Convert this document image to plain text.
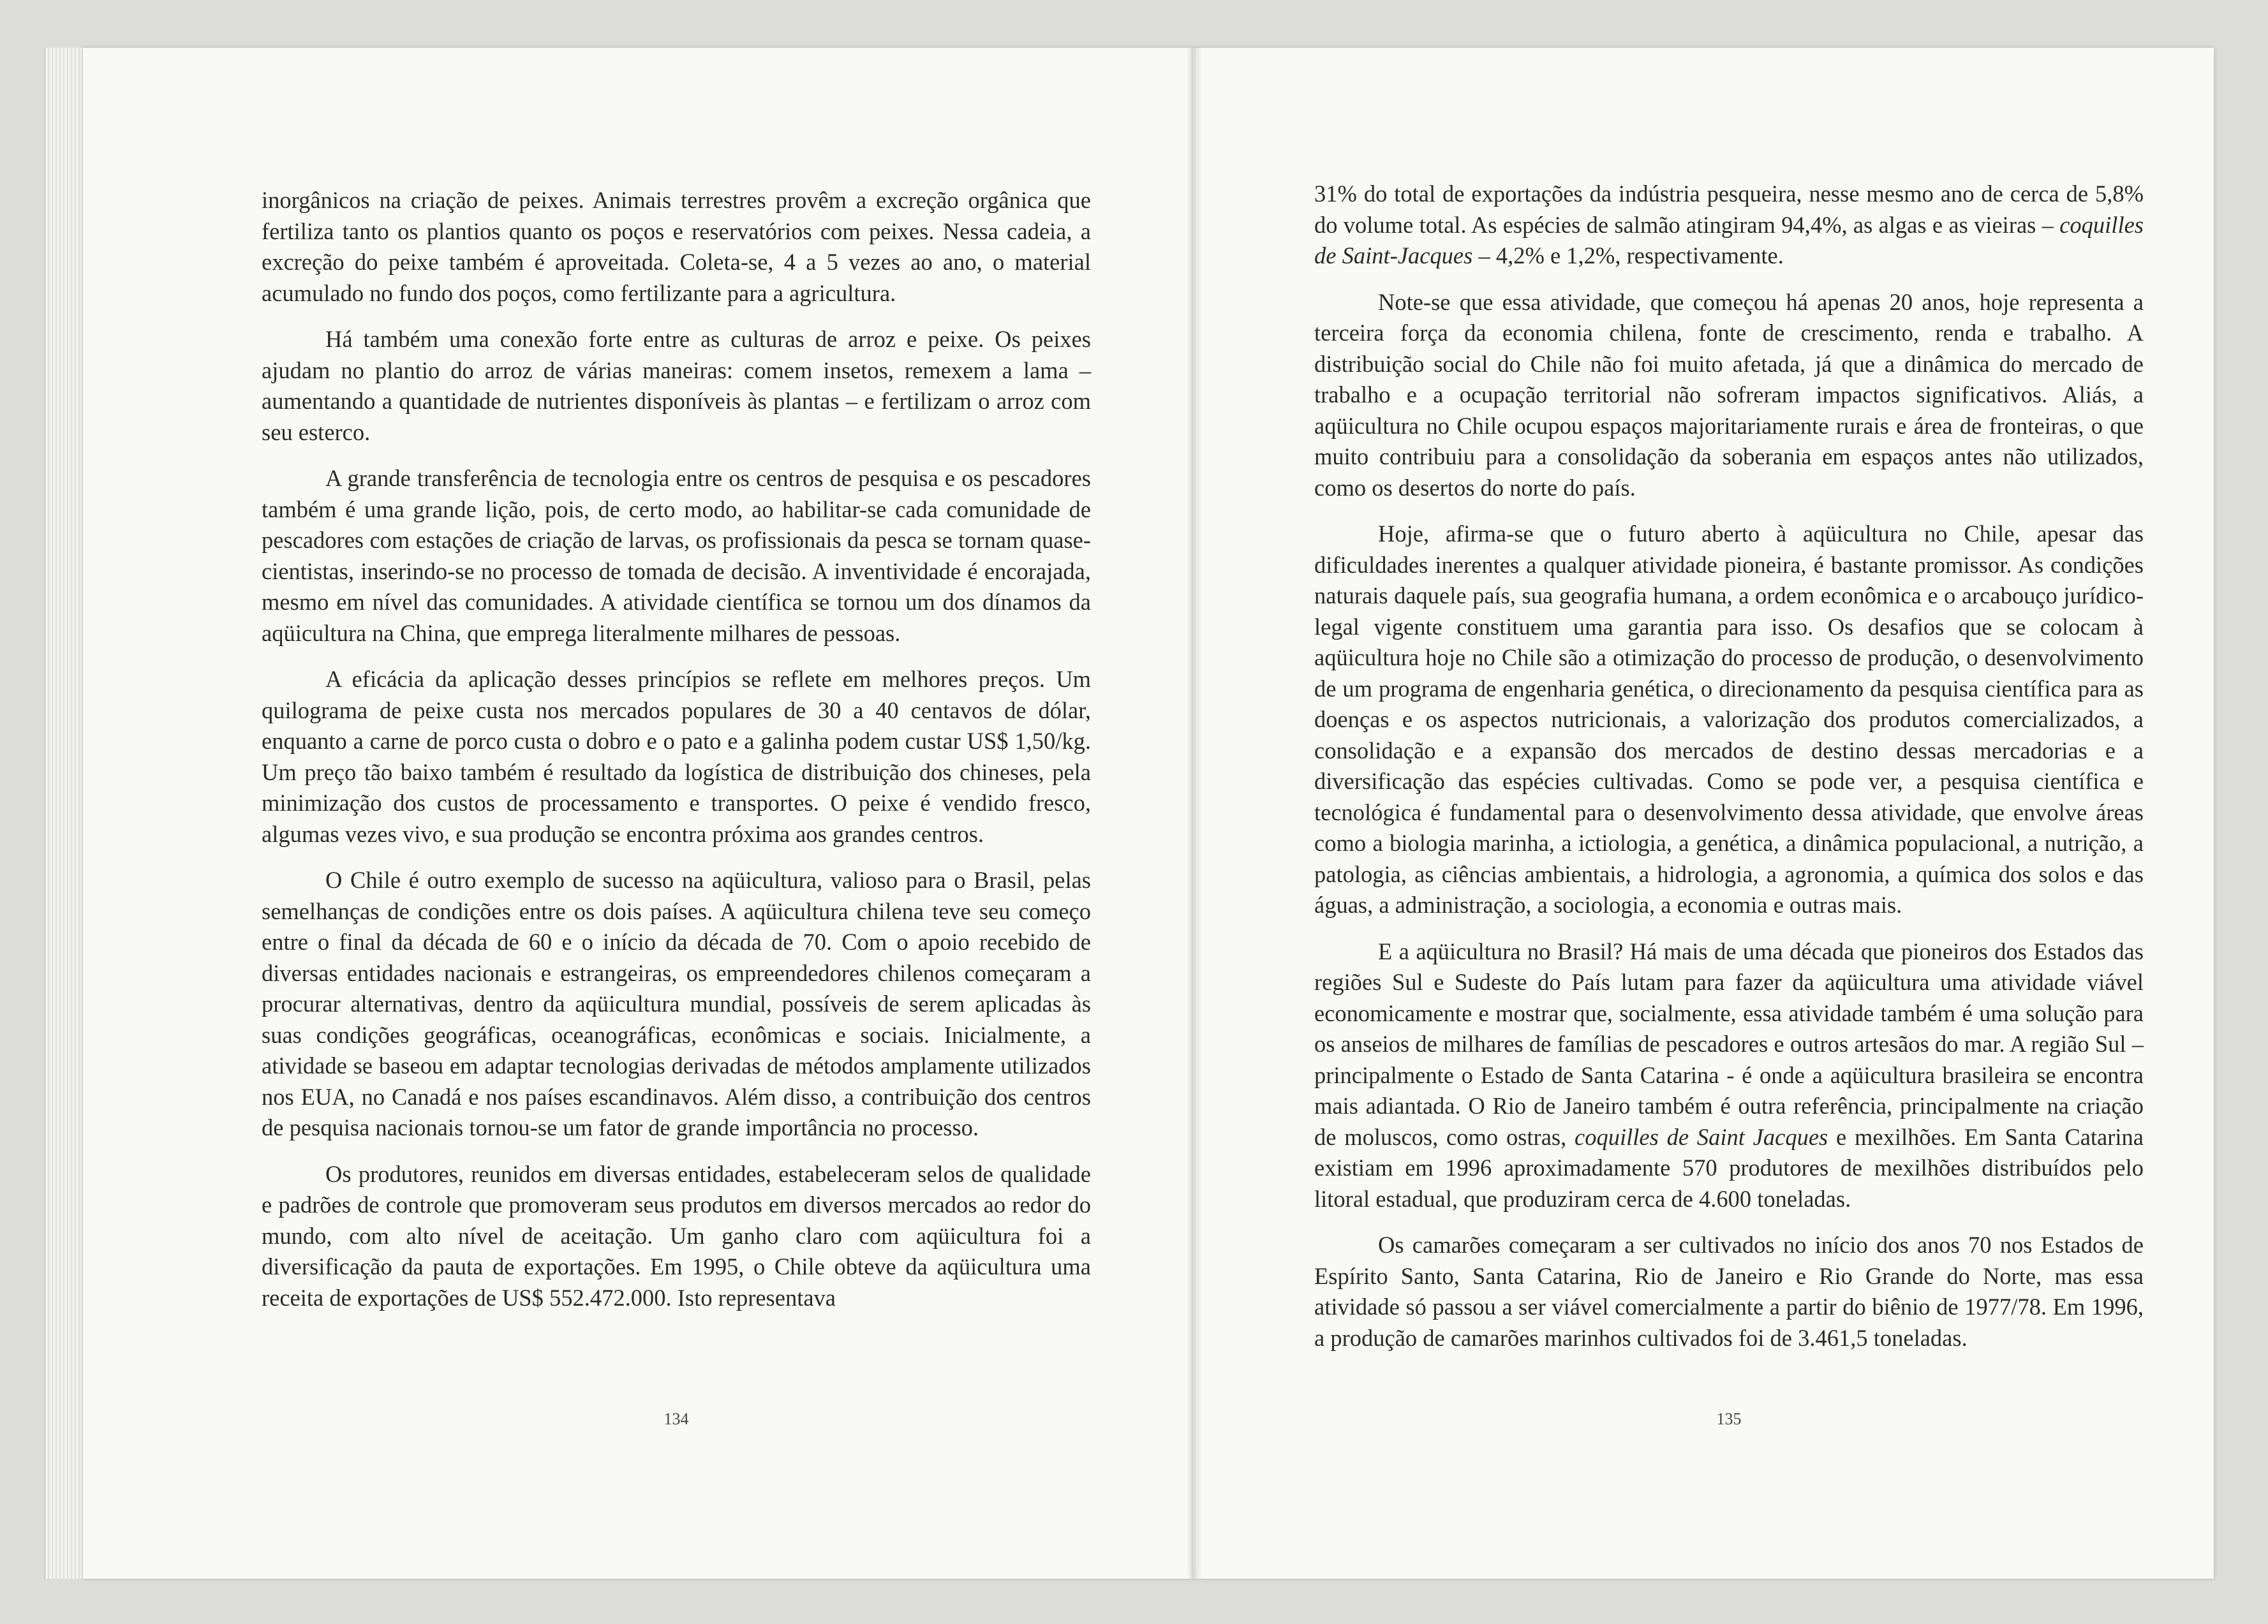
inorgânicos na criação de peixes. Animais terrestres provêm a excreção orgânica que fertiliza tanto os plantios quanto os poços e reservatórios com peixes. Nessa cadeia, a excreção do peixe também é aproveitada. Coleta-se, 4 a 5 vezes ao ano, o material acumulado no fundo dos poços, como fertilizante para a agricultura.

Há também uma conexão forte entre as culturas de arroz e peixe. Os peixes ajudam no plantio do arroz de várias maneiras: comem insetos, remexem a lama – aumentando a quantidade de nutrientes disponíveis às plantas – e fertilizam o arroz com seu esterco.

A grande transferência de tecnologia entre os centros de pesquisa e os pescadores também é uma grande lição, pois, de certo modo, ao habilitar-se cada comunidade de pescadores com estações de criação de larvas, os profissionais da pesca se tornam quase-cientistas, inserindo-se no processo de tomada de decisão. A inventividade é encorajada, mesmo em nível das comunidades. A atividade científica se tornou um dos dínamos da aqüicultura na China, que emprega literalmente milhares de pessoas.

A eficácia da aplicação desses princípios se reflete em melhores preços. Um quilograma de peixe custa nos mercados populares de 30 a 40 centavos de dólar, enquanto a carne de porco custa o dobro e o pato e a galinha podem custar US$ 1,50/kg. Um preço tão baixo também é resultado da logística de distribuição dos chineses, pela minimização dos custos de processamento e transportes. O peixe é vendido fresco, algumas vezes vivo, e sua produção se encontra próxima aos grandes centros.

O Chile é outro exemplo de sucesso na aqüicultura, valioso para o Brasil, pelas semelhanças de condições entre os dois países. A aqüicultura chilena teve seu começo entre o final da década de 60 e o início da década de 70. Com o apoio recebido de diversas entidades nacionais e estrangeiras, os empreendedores chilenos começaram a procurar alternativas, dentro da aqüicultura mundial, possíveis de serem aplicadas às suas condições geográficas, oceanográficas, econômicas e sociais. Inicialmente, a atividade se baseou em adaptar tecnologias derivadas de métodos amplamente utilizados nos EUA, no Canadá e nos países escandinavos. Além disso, a contribuição dos centros de pesquisa nacionais tornou-se um fator de grande importância no processo.

Os produtores, reunidos em diversas entidades, estabeleceram selos de qualidade e padrões de controle que promoveram seus produtos em diversos mercados ao redor do mundo, com alto nível de aceitação. Um ganho claro com aqüicultura foi a diversificação da pauta de exportações. Em 1995, o Chile obteve da aqüicultura uma receita de exportações de US$ 552.472.000. Isto representava

134

31% do total de exportações da indústria pesqueira, nesse mesmo ano de cerca de 5,8% do volume total. As espécies de salmão atingiram 94,4%, as algas e as vieiras – coquilles de Saint-Jacques – 4,2% e 1,2%, respectivamente.

Note-se que essa atividade, que começou há apenas 20 anos, hoje representa a terceira força da economia chilena, fonte de crescimento, renda e trabalho. A distribuição social do Chile não foi muito afetada, já que a dinâmica do mercado de trabalho e a ocupação territorial não sofreram impactos significativos. Aliás, a aqüicultura no Chile ocupou espaços majoritariamente rurais e área de fronteiras, o que muito contribuiu para a consolidação da soberania em espaços antes não utilizados, como os desertos do norte do país.

Hoje, afirma-se que o futuro aberto à aqüicultura no Chile, apesar das dificuldades inerentes a qualquer atividade pioneira, é bastante promissor. As condições naturais daquele país, sua geografia humana, a ordem econômica e o arcabouço jurídico-legal vigente constituem uma garantia para isso. Os desafios que se colocam à aqüicultura hoje no Chile são a otimização do processo de produção, o desenvolvimento de um programa de engenharia genética, o direcionamento da pesquisa científica para as doenças e os aspectos nutricionais, a valorização dos produtos comercializados, a consolidação e a expansão dos mercados de destino dessas mercadorias e a diversificação das espécies cultivadas. Como se pode ver, a pesquisa científica e tecnológica é fundamental para o desenvolvimento dessa atividade, que envolve áreas como a biologia marinha, a ictiologia, a genética, a dinâmica populacional, a nutrição, a patologia, as ciências ambientais, a hidrologia, a agronomia, a química dos solos e das águas, a administração, a sociologia, a economia e outras mais.

E a aqüicultura no Brasil? Há mais de uma década que pioneiros dos Estados das regiões Sul e Sudeste do País lutam para fazer da aqüicultura uma atividade viável economicamente e mostrar que, socialmente, essa atividade também é uma solução para os anseios de milhares de famílias de pescadores e outros artesãos do mar. A região Sul – principalmente o Estado de Santa Catarina - é onde a aqüicultura brasileira se encontra mais adiantada. O Rio de Janeiro também é outra referência, principalmente na criação de moluscos, como ostras, coquilles de Saint Jacques e mexilhões. Em Santa Catarina existiam em 1996 aproximadamente 570 produtores de mexilhões distribuídos pelo litoral estadual, que produziram cerca de 4.600 toneladas.

Os camarões começaram a ser cultivados no início dos anos 70 nos Estados de Espírito Santo, Santa Catarina, Rio de Janeiro e Rio Grande do Norte, mas essa atividade só passou a ser viável comercialmente a partir do biênio de 1977/78. Em 1996, a produção de camarões marinhos cultivados foi de 3.461,5 toneladas.

135
